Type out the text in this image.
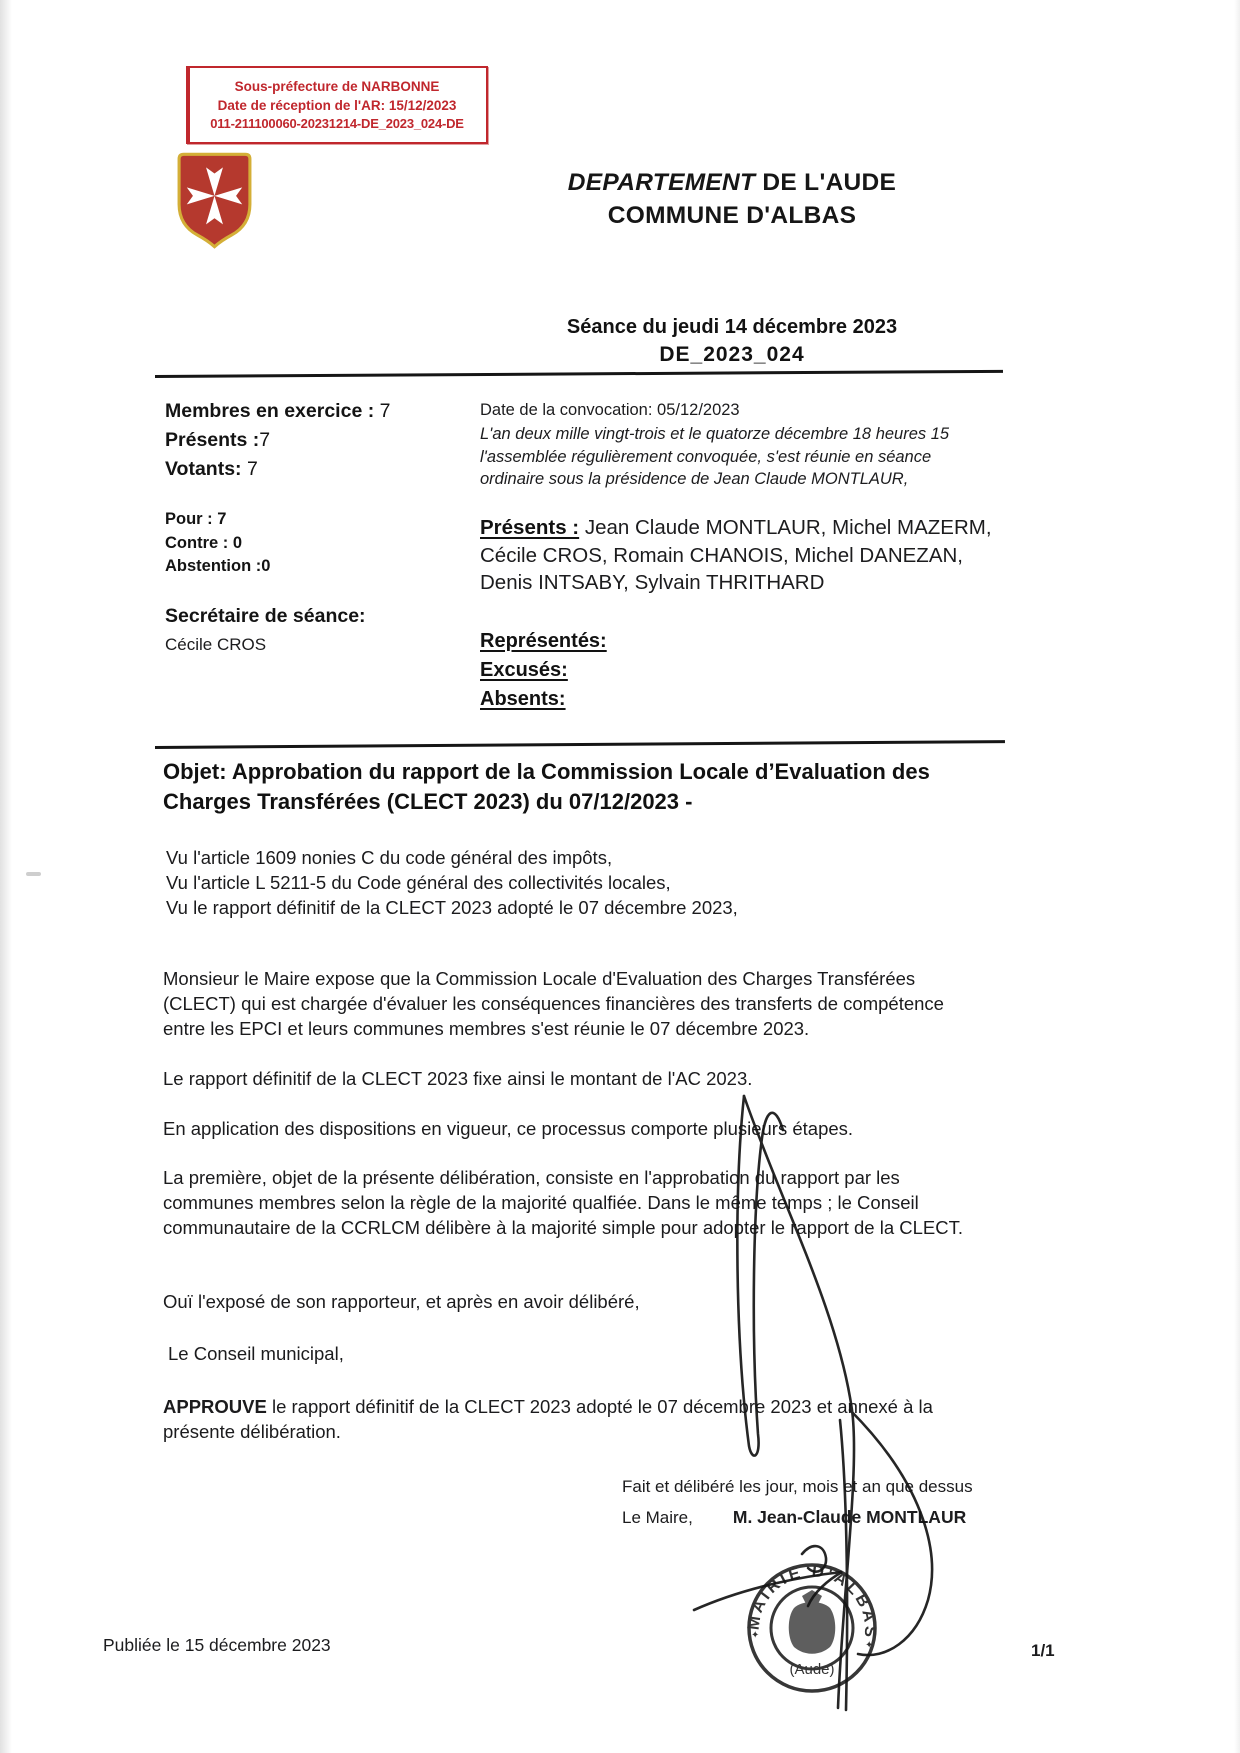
Sous-préfecture de NARBONNE
Date de réception de l'AR: 15/12/2023
011-211100060-20231214-DE_2023_024-DE
DEPARTEMENT DE L'AUDE
COMMUNE D'ALBAS
Séance du jeudi 14 décembre 2023
DE_2023_024
Membres en exercice : 7
Présents :7
Votants: 7
Pour : 7
Contre : 0
Abstention :0
Secrétaire de séance:
Cécile CROS
Date de la convocation: 05/12/2023
L'an deux mille vingt-trois et le quatorze décembre 18 heures 15 l'assemblée régulièrement convoquée, s'est réunie en séance ordinaire sous la présidence de Jean Claude MONTLAUR,
Présents : Jean Claude MONTLAUR, Michel MAZERM, Cécile CROS, Romain CHANOIS, Michel DANEZAN, Denis INTSABY, Sylvain THRITHARD
Représentés:
Excusés:
Absents:
Objet: Approbation du rapport de la Commission Locale d’Evaluation des Charges Transférées (CLECT 2023) du 07/12/2023 -
Vu l'article 1609 nonies C du code général des impôts,
Vu l'article L 5211-5 du Code général des collectivités locales,
Vu le rapport définitif de la CLECT 2023 adopté le 07 décembre 2023,
Monsieur le Maire expose que la Commission Locale d'Evaluation des Charges Transférées (CLECT) qui est chargée d'évaluer les conséquences financières des transferts de compétence entre les EPCI et leurs communes membres s'est réunie le 07 décembre 2023.
Le rapport définitif de la CLECT 2023 fixe ainsi le montant de l'AC 2023.
En application des dispositions en vigueur, ce processus comporte plusieurs étapes.
La première, objet de la présente délibération, consiste en l'approbation du rapport par les communes membres selon la règle de la majorité qualfiée. Dans le même temps ; le Conseil communautaire de la CCRLCM délibère à la majorité simple pour adopter le rapport de la CLECT.
Ouï l'exposé de son rapporteur, et après en avoir délibéré,
Le Conseil municipal,
APPROUVE le rapport définitif de la CLECT 2023 adopté le 07 décembre 2023 et annexé à la présente délibération.
Fait et délibéré les jour, mois et an que dessus
Le Maire, M. Jean-Claude MONTLAUR
MAIRIE D'ALBAS
(Aude)
✦
✦
Publiée le 15 décembre 2023	1/1
